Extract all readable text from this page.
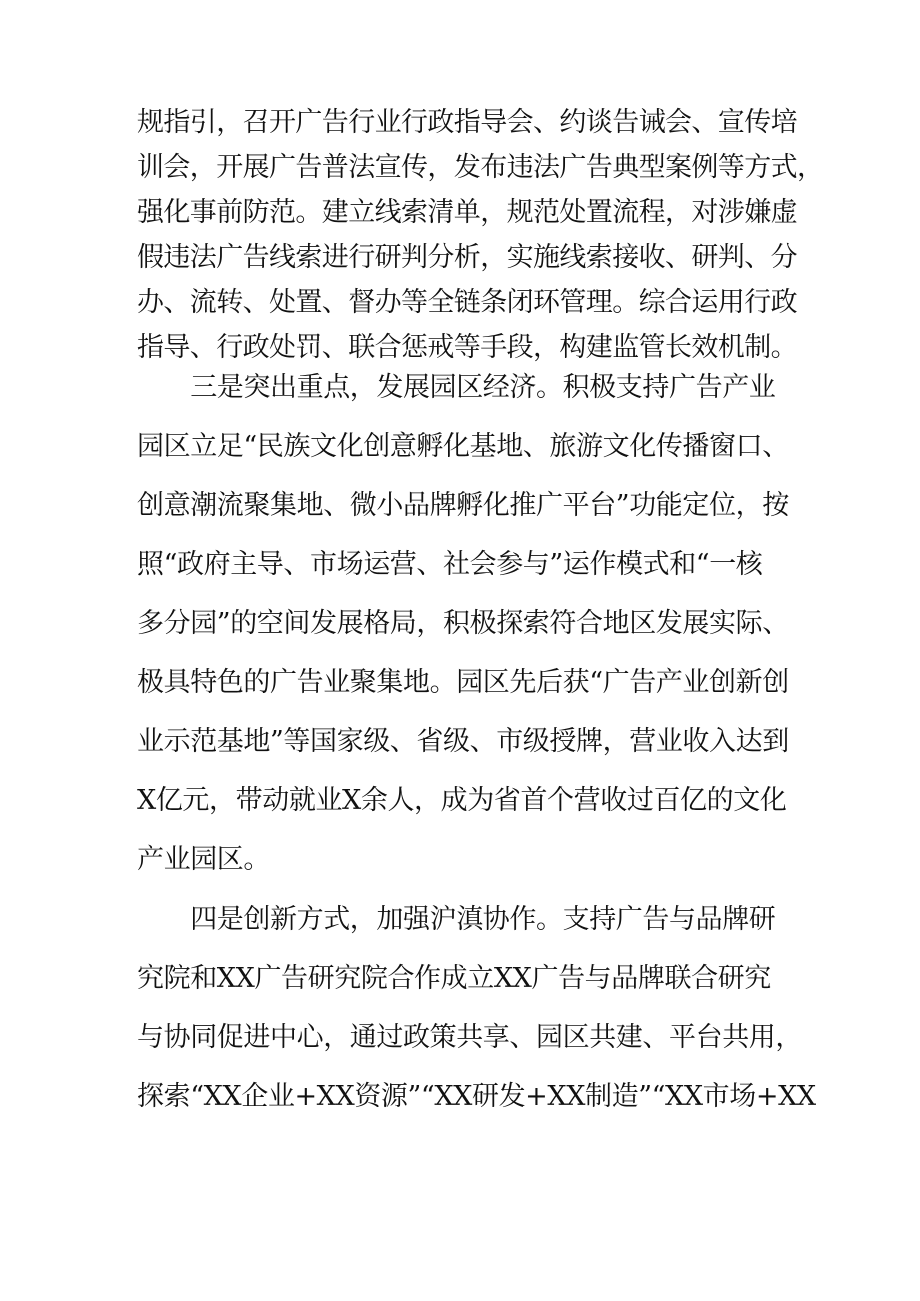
规指引，召开广告行业行政指导会、约谈告诫会、宣传培
训会，开展广告普法宣传，发布违法广告典型案例等方式，
强化事前防范。建立线索清单，规范处置流程，对涉嫌虚
假违法广告线索进行研判分析，实施线索接收、研判、分
办、流转、处置、督办等全链条闭环管理。综合运用行政
指导、行政处罚、联合惩戒等手段，构建监管长效机制。
　　三是突出重点，发展园区经济。积极支持广告产业
园区立足“民族文化创意孵化基地、旅游文化传播窗口、
创意潮流聚集地、微小品牌孵化推广平台”功能定位，按
照“政府主导、市场运营、社会参与”运作模式和“一核
多分园”的空间发展格局，积极探索符合地区发展实际、
极具特色的广告业聚集地。园区先后获“广告产业创新创
业示范基地”等国家级、省级、市级授牌，营业收入达到
X亿元，带动就业X余人，成为省首个营收过百亿的文化
产业园区。
　　四是创新方式，加强沪滇协作。支持广告与品牌研
究院和XX广告研究院合作成立XX广告与品牌联合研究
与协同促进中心，通过政策共享、园区共建、平台共用，
探索“XX企业+XX资源”“XX研发+XX制造”“XX市场+XX
